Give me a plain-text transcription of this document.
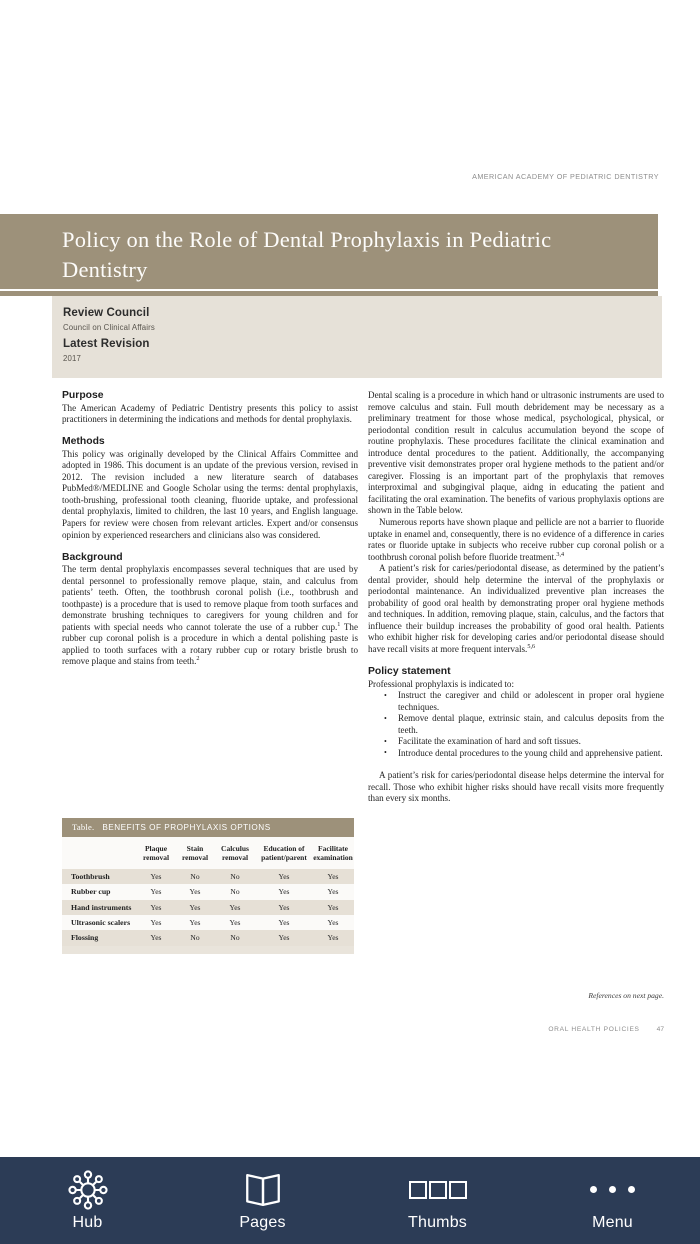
AMERICAN ACADEMY OF PEDIATRIC DENTISTRY
Policy on the Role of Dental Prophylaxis in Pediatric Dentistry
Review Council
Council on Clinical Affairs
Latest Revision
2017
Purpose

The American Academy of Pediatric Dentistry presents this policy to assist practitioners in determining the indications and methods for dental prophylaxis.

Methods

This policy was originally developed by the Clinical Affairs Committee and adopted in 1986. This document is an update of the previous version, revised in 2012. The revision included a new literature search of databases PubMed®/MEDLINE and Google Scholar using the terms: dental prophylaxis, tooth-brushing, professional tooth cleaning, fluoride uptake, and professional dental prophylaxis, limited to children, the last 10 years, and English language. Papers for review were chosen from relevant articles. Expert and/or consensus opinion by experienced researchers and clinicians also was considered.

Background

The term dental prophylaxis encompasses several techniques that are used by dental personnel to professionally remove plaque, stain, and calculus from patients’ teeth. Often, the toothbrush coronal polish (i.e., toothbrush and toothpaste) is a procedure that is used to remove plaque from tooth surfaces and demonstrate brushing techniques to caregivers for young children and for patients with special needs who cannot tolerate the use of a rubber cup.$^1$ The rubber cup coronal polish is a procedure in which a dental polishing paste is applied to tooth surfaces with a rotary rubber cup or rotary bristle brush to remove plaque and stains from teeth.$^2$

Dental scaling is a procedure in which hand or ultrasonic instruments are used to remove calculus and stain. Full mouth debridement may be necessary as a preliminary treatment for those whose medical, psychological, physical, or periodontal condition result in calculus accumulation beyond the scope of routine prophylaxis. These procedures facilitate the clinical examination and introduce dental procedures to the patient. Additionally, the accompanying preventive visit demonstrates proper oral hygiene methods to the patient and/or caregiver. Flossing is an important part of the prophylaxis that removes interproximal and subgingival plaque, aidng in educating the patient and facilitating the oral examination. The benefits of various prophylaxis options are shown in the Table below.

Numerous reports have shown plaque and pellicle are not a barrier to fluoride uptake in enamel and, consequently, there is no evidence of a difference in caries rates or fluoride uptake in subjects who receive rubber cup coronal polish or a toothbrush coronal polish before fluoride treatment.$^{3,4}$

A patient’s risk for caries/periodontal disease, as determined by the patient’s dental provider, should help determine the interval of the prophylaxis or periodontal maintenance. An individualized preventive plan increases the probability of good oral health by demonstrating proper oral hygiene methods and techniques. In addition, removing plaque, stain, calculus, and the factors that influence their buildup increases the probability of good oral health. Patients who exhibit higher risk for developing caries and/or periodontal disease should have recall visits at more frequent intervals.$^{5,6}$

Policy statement

Professional prophylaxis is indicated to:

• Instruct the caregiver and child or adolescent in proper oral hygiene techniques.
• Remove dental plaque, extrinsic stain, and calculus deposits from the teeth.
• Facilitate the examination of hard and soft tissues.
• Introduce dental procedures to the young child and apprehensive patient.

A patient’s risk for caries/periodontal disease helps determine the interval for recall. Those who exhibit higher risks should have recall visits more frequently than every six months.

Table. BENEFITS OF PROPHYLAXIS OPTIONS
	Plaque removal	Stain removal	Calculus removal	Education of patient/parent	Facilitate examination
Toothbrush	Yes	No	No	Yes	Yes
Rubber cup	Yes	Yes	No	Yes	Yes
Hand instruments	Yes	Yes	Yes	Yes	Yes
Ultrasonic scalers	Yes	Yes	Yes	Yes	Yes
Flossing	Yes	No	No	Yes	Yes
References on next page.
ORAL HEALTH POLICIES	47
Hub	Pages	Thumbs	Menu
